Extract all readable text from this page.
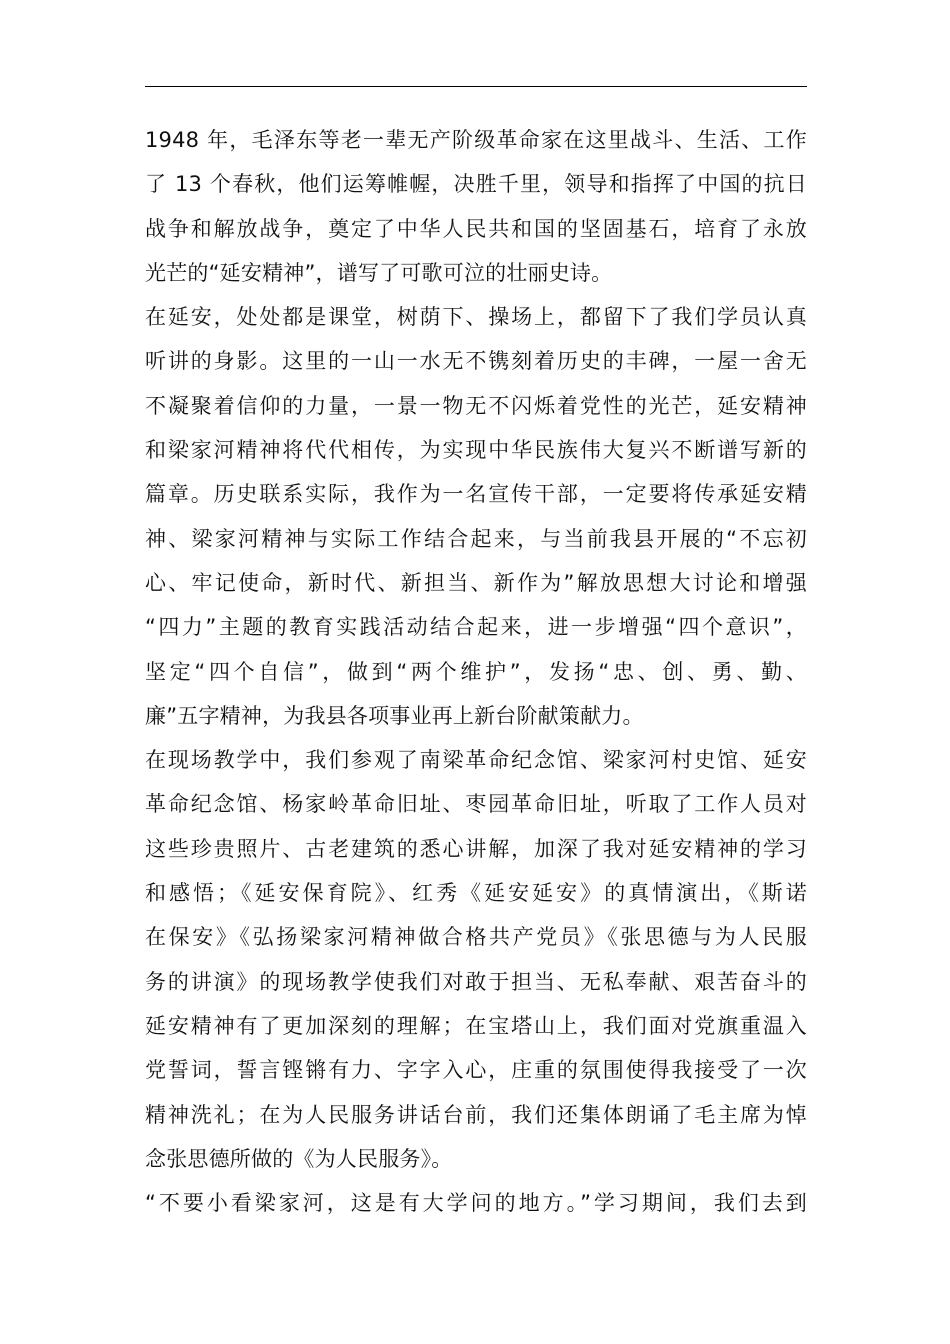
1948 年，毛泽东等老一辈无产阶级革命家在这里战斗、生活、工作
了 13 个春秋，他们运筹帷幄，决胜千里，领导和指挥了中国的抗日
战争和解放战争，奠定了中华人民共和国的坚固基石，培育了永放
光芒的“延安精神”，谱写了可歌可泣的壮丽史诗。
在延安，处处都是课堂，树荫下、操场上，都留下了我们学员认真
听讲的身影。这里的一山一水无不镌刻着历史的丰碑，一屋一舍无
不凝聚着信仰的力量，一景一物无不闪烁着党性的光芒，延安精神
和梁家河精神将代代相传，为实现中华民族伟大复兴不断谱写新的
篇章。历史联系实际，我作为一名宣传干部，一定要将传承延安精
神、梁家河精神与实际工作结合起来，与当前我县开展的“不忘初
心、牢记使命，新时代、新担当、新作为”解放思想大讨论和增强
“四力”主题的教育实践活动结合起来，进一步增强“四个意识”，
坚定“四个自信”，做到“两个维护”，发扬“忠、创、勇、勤、
廉”五字精神，为我县各项事业再上新台阶献策献力。
在现场教学中，我们参观了南梁革命纪念馆、梁家河村史馆、延安
革命纪念馆、杨家岭革命旧址、枣园革命旧址，听取了工作人员对
这些珍贵照片、古老建筑的悉心讲解，加深了我对延安精神的学习
和感悟；《延安保育院》、红秀《延安延安》的真情演出，《斯诺
在保安》《弘扬梁家河精神做合格共产党员》《张思德与为人民服
务的讲演》的现场教学使我们对敢于担当、无私奉献、艰苦奋斗的
延安精神有了更加深刻的理解；在宝塔山上，我们面对党旗重温入
党誓词，誓言铿锵有力、字字入心，庄重的氛围使得我接受了一次
精神洗礼；在为人民服务讲话台前，我们还集体朗诵了毛主席为悼
念张思德所做的《为人民服务》。
“不要小看梁家河，这是有大学问的地方。”学习期间，我们去到
